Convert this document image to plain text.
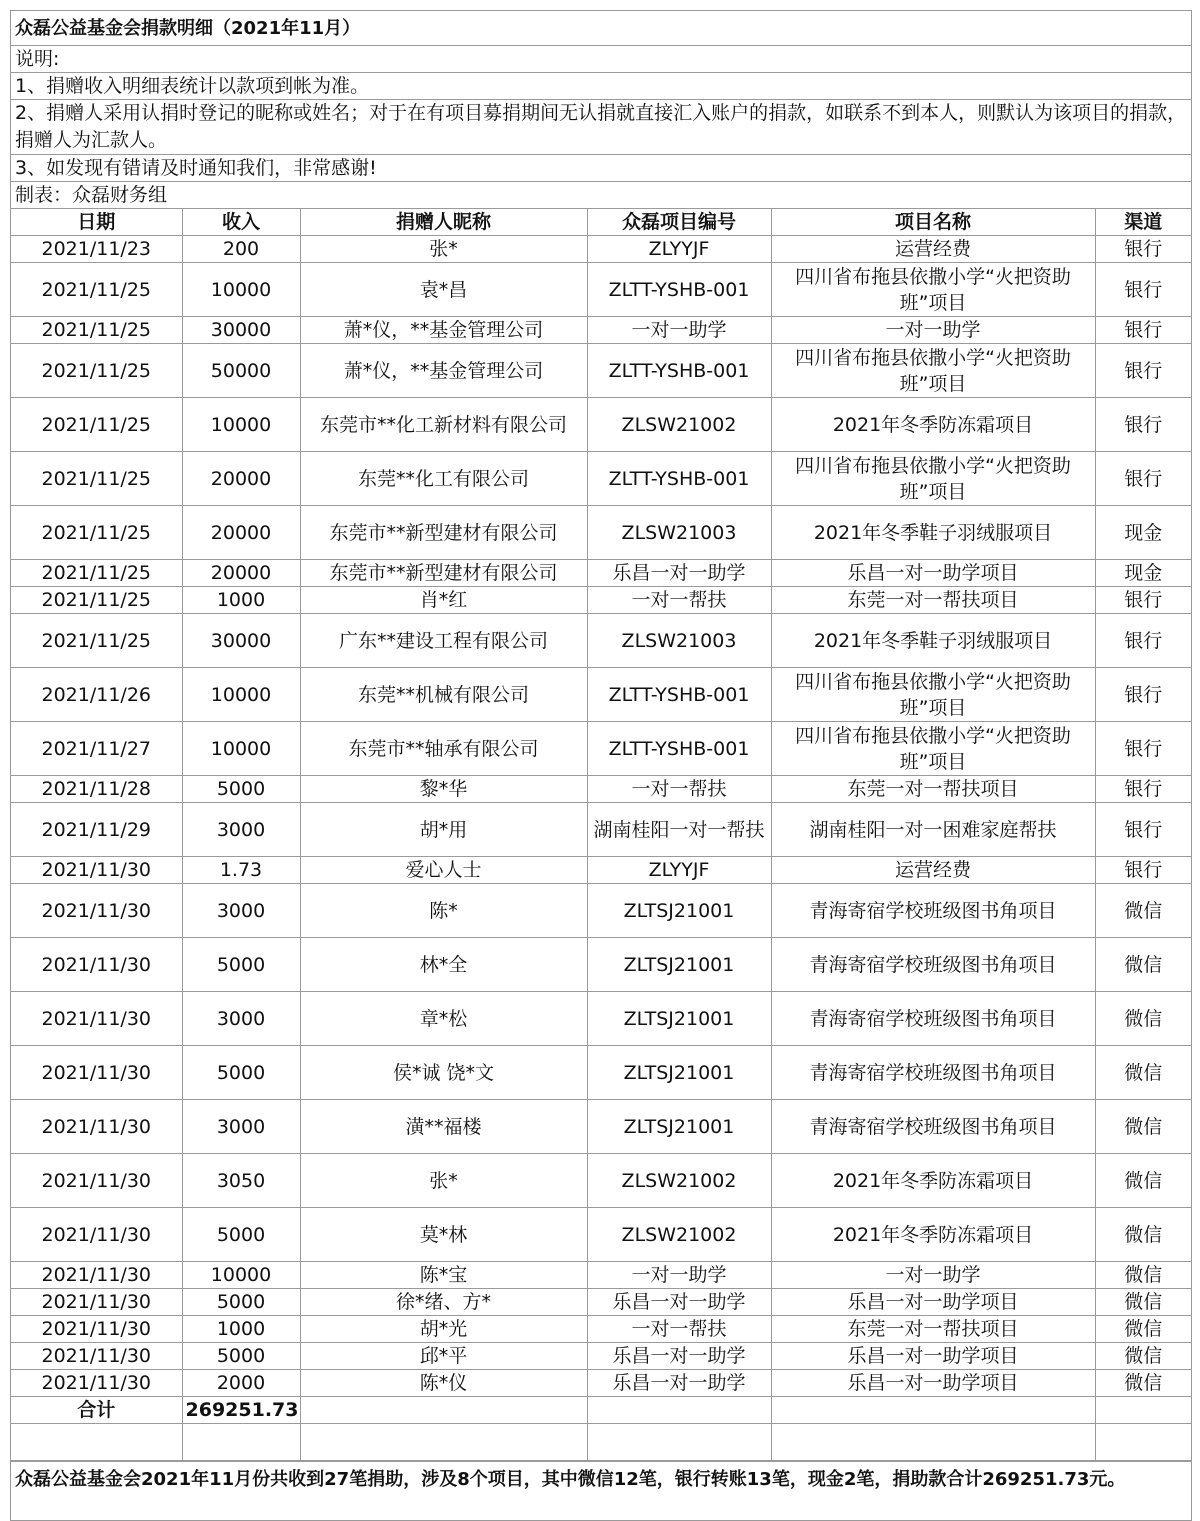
众磊公益基金会捐款明细（2021年11月）
说明:
1、捐赠收入明细表统计以款项到帐为准。
2、捐赠人采用认捐时登记的昵称或姓名；对于在有项目募捐期间无认捐就直接汇入账户的捐款，如联系不到本人，则默认为该项目的捐款，捐赠人为汇款人。
3、如发现有错请及时通知我们，非常感谢!
制表：众磊财务组
日期	收入	捐赠人昵称	众磊项目编号	项目名称	渠道
2021/11/23	200	张*	ZLYYJF	运营经费	银行
2021/11/25	10000	袁*昌	ZLTT-YSHB-001	四川省布拖县依撒小学“火把资助班”项目	银行
2021/11/25	30000	萧*仪，**基金管理公司	一对一助学	一对一助学	银行
2021/11/25	50000	萧*仪，**基金管理公司	ZLTT-YSHB-001	四川省布拖县依撒小学“火把资助班”项目	银行
2021/11/25	10000	东莞市**化工新材料有限公司	ZLSW21002	2021年冬季防冻霜项目	银行
2021/11/25	20000	东莞**化工有限公司	ZLTT-YSHB-001	四川省布拖县依撒小学“火把资助班”项目	银行
2021/11/25	20000	东莞市**新型建材有限公司	ZLSW21003	2021年冬季鞋子羽绒服项目	现金
2021/11/25	20000	东莞市**新型建材有限公司	乐昌一对一助学	乐昌一对一助学项目	现金
2021/11/25	1000	肖*红	一对一帮扶	东莞一对一帮扶项目	银行
2021/11/25	30000	广东**建设工程有限公司	ZLSW21003	2021年冬季鞋子羽绒服项目	银行
2021/11/26	10000	东莞**机械有限公司	ZLTT-YSHB-001	四川省布拖县依撒小学“火把资助班”项目	银行
2021/11/27	10000	东莞市**轴承有限公司	ZLTT-YSHB-001	四川省布拖县依撒小学“火把资助班”项目	银行
2021/11/28	5000	黎*华	一对一帮扶	东莞一对一帮扶项目	银行
2021/11/29	3000	胡*用	湖南桂阳一对一帮扶	湖南桂阳一对一困难家庭帮扶	银行
2021/11/30	1.73	爱心人士	ZLYYJF	运营经费	银行
2021/11/30	3000	陈*	ZLTSJ21001	青海寄宿学校班级图书角项目	微信
2021/11/30	5000	林*全	ZLTSJ21001	青海寄宿学校班级图书角项目	微信
2021/11/30	3000	章*松	ZLTSJ21001	青海寄宿学校班级图书角项目	微信
2021/11/30	5000	侯*诚 饶*文	ZLTSJ21001	青海寄宿学校班级图书角项目	微信
2021/11/30	3000	潢**福楼	ZLTSJ21001	青海寄宿学校班级图书角项目	微信
2021/11/30	3050	张*	ZLSW21002	2021年冬季防冻霜项目	微信
2021/11/30	5000	莫*林	ZLSW21002	2021年冬季防冻霜项目	微信
2021/11/30	10000	陈*宝	一对一助学	一对一助学	微信
2021/11/30	5000	徐*绪、方*	乐昌一对一助学	乐昌一对一助学项目	微信
2021/11/30	1000	胡*光	一对一帮扶	东莞一对一帮扶项目	微信
2021/11/30	5000	邱*平	乐昌一对一助学	乐昌一对一助学项目	微信
2021/11/30	2000	陈*仪	乐昌一对一助学	乐昌一对一助学项目	微信
合计	269251.73				

众磊公益基金会2021年11月份共收到27笔捐助，涉及8个项目，其中微信12笔，银行转账13笔，现金2笔，捐助款合计269251.73元。
